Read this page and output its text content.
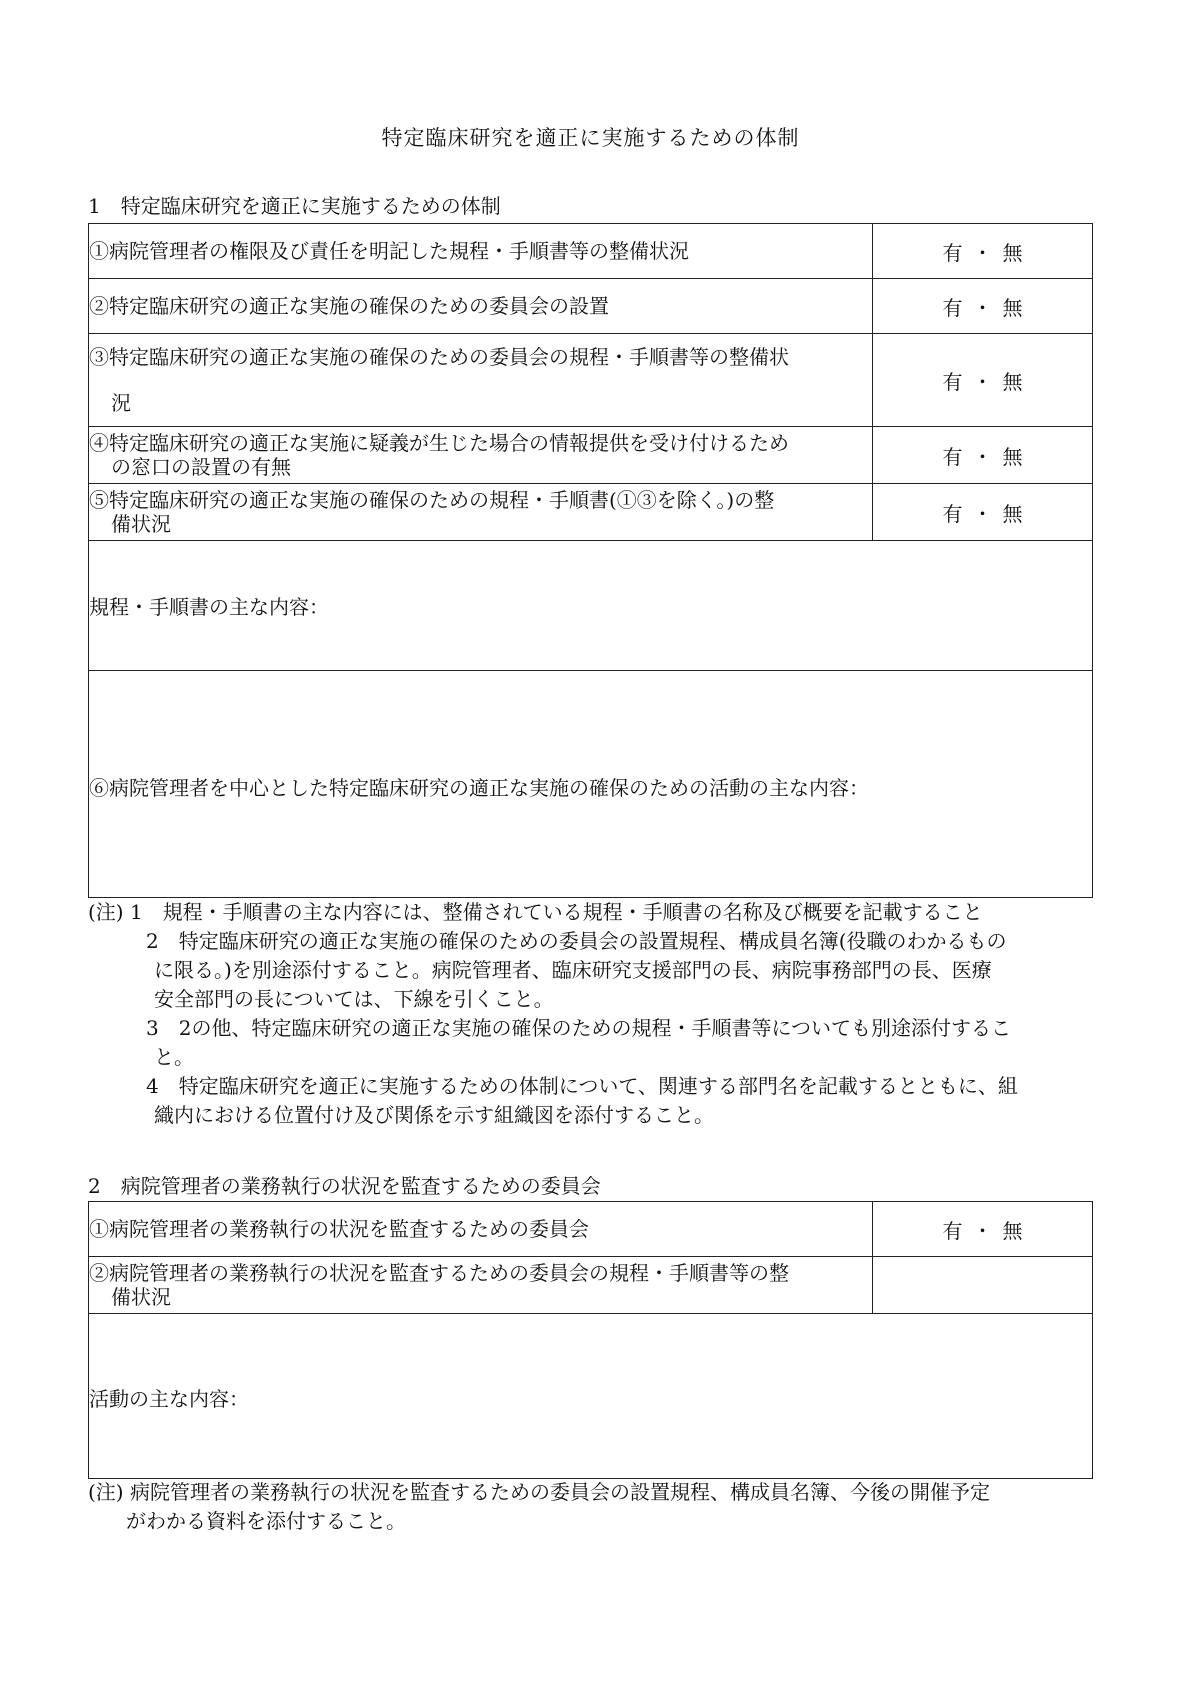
特定臨床研究を適正に実施するための体制
1　特定臨床研究を適正に実施するための体制
①病院管理者の権限及び責任を明記した規程・手順書等の整備状況	有 ・ 無
②特定臨床研究の適正な実施の確保のための委員会の設置	有 ・ 無
③特定臨床研究の適正な実施の確保のための委員会の規程・手順書等の整備状
況	有 ・ 無
④特定臨床研究の適正な実施に疑義が生じた場合の情報提供を受け付けるため
の窓口の設置の有無	有 ・ 無
⑤特定臨床研究の適正な実施の確保のための規程・手順書(①③を除く。)の整
備状況	有 ・ 無
規程・手順書の主な内容：	
⑥病院管理者を中心とした特定臨床研究の適正な実施の確保のための活動の主な内容：	
(注) 1　規程・手順書の主な内容には、整備されている規程・手順書の名称及び概要を記載すること
2　特定臨床研究の適正な実施の確保のための委員会の設置規程、構成員名簿(役職のわかるもの
に限る。)を別途添付すること。病院管理者、臨床研究支援部門の長、病院事務部門の長、医療
安全部門の長については、下線を引くこと。
3　2の他、特定臨床研究の適正な実施の確保のための規程・手順書等についても別途添付するこ
と。
4　特定臨床研究を適正に実施するための体制について、関連する部門名を記載するとともに、組
織内における位置付け及び関係を示す組織図を添付すること。
2　病院管理者の業務執行の状況を監査するための委員会
①病院管理者の業務執行の状況を監査するための委員会	有 ・ 無
②病院管理者の業務執行の状況を監査するための委員会の規程・手順書等の整
備状況	

活動の主な内容：	
(注) 病院管理者の業務執行の状況を監査するための委員会の設置規程、構成員名簿、今後の開催予定
がわかる資料を添付すること。
